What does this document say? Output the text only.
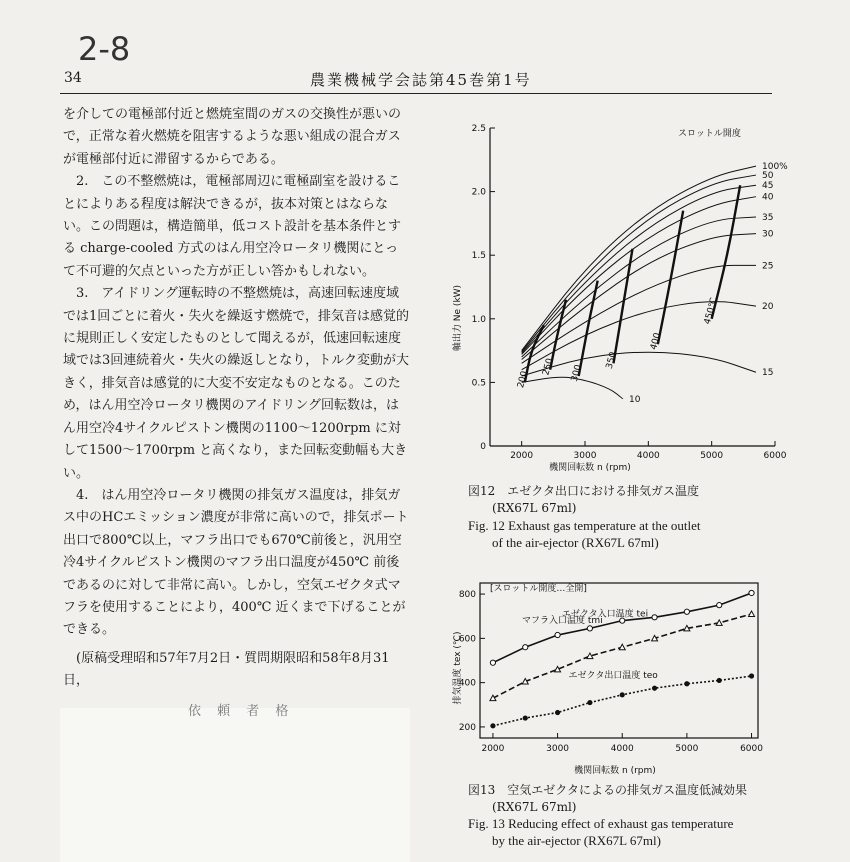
2-8
34	農業機械学会誌第45巻第1号

を介しての電極部付近と燃焼室間のガスの交換性が悪いので，正常な着火燃焼を阻害するような悪い組成の混合ガスが電極部付近に滞留するからである。

2.　この不整燃焼は，電極部周辺に電極副室を設けることによりある程度は解決できるが，抜本対策とはならない。この問題は，構造簡単，低コスト設計を基本条件とする charge-cooled 方式のはん用空冷ロータリ機関にとって不可避的欠点といった方が正しい答かもしれない。

3.　アイドリング運転時の不整燃焼は，高速回転速度域では1回ごとに着火・失火を繰返す燃焼で，排気音は感覚的に規則正しく安定したものとして聞えるが，低速回転速度域では3回連続着火・失火の繰返しとなり，トルク変動が大きく，排気音は感覚的に大変不安定なものとなる。このため，はん用空冷ロータリ機関のアイドリング回転数は，はん用空冷4サイクルピストン機関の1100～1200rpm に対して1500～1700rpm と高くなり，また回転変動幅も大きい。

4.　はん用空冷ロータリ機関の排気ガス温度は，排気ガス中のHCエミッション濃度が非常に高いので，排気ポート出口で800℃以上，マフラ出口でも670℃前後と，汎用空冷4サイクルピストン機関のマフラ出口温度が450℃ 前後であるのに対して非常に高い。しかし，空気エゼクタ式マフラを使用することにより，400℃ 近くまで下げることができる。

(原稿受理昭和57年7月2日・質問期限昭和58年8月31日，

依 頼 者 格
2000	3000	4000	5000	6000
0
0.5
1.0
1.5
2.0
2.5
100%
50
45
40
35
30
25
20
15
10
200
250 300
350
400
450℃
機関回転数 n (rpm)
軸出力 Ne (kW)
スロットル開度
図12　エゼクタ出口における排気ガス温度
(RX67L 67ml)
Fig. 12 Exhaust gas temperature at the outlet
of the air-ejector (RX67L 67ml)
2000	3000	4000	5000	6000
200
400
600
800
マフラ入口温度 tmi
エゼクタ入口温度 tei
エゼクタ出口温度 teo
[スロットル開度…全開]
機関回転数 n (rpm)
排気温度 tex (℃)
図13　空気エゼクタによるの排気ガス温度低減効果
(RX67L 67ml)
Fig. 13 Reducing effect of exhaust gas temperature
by the air-ejector (RX67L 67ml)
